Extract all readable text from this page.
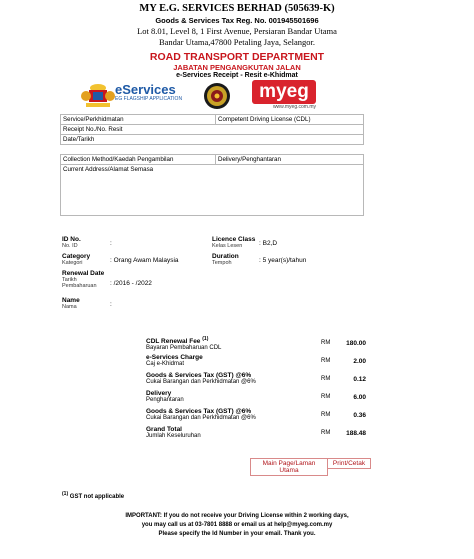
MY E.G. SERVICES BERHAD (505639-K)
Goods & Services Tax Reg. No. 001945501696
Lot 8.01, Level 8, 1 First Avenue, Persiaran Bandar Utama
Bandar Utama,47800 Petaling Jaya, Selangor.
ROAD TRANSPORT DEPARTMENT
JABATAN PENGANGKUTAN JALAN
e-Services Receipt - Resit e-Khidmat
eServices
EG FLAGSHIP APPLICATION	myeg
www.myeg.com.my
Service/Perkhidmatan	Competent Driving License (CDL)
Receipt No./No. Resit
Date/Tarikh
Collection Method/Kaedah Pengambilan	Delivery/Penghantaran
Current Address/Alamat Semasa
ID No.
No. ID	:
Licence Class
Kelas Lesen	: B2,D
Category
Kategori	: Orang Awam Malaysia
Duration
Tempoh	: 5 year(s)/tahun
Renewal Date
Tarikh Pembaharuan	: /2016 - /2022
Name
Nama	:
CDL Renewal Fee $^{(1)}$
Bayaran Pembaharuan CDL
RM 180.00
e-Services Charge
Caj e-Khidmat	RM	2.00
Goods & Services Tax (GST) @6%
Cukai Barangan dan Perkhidmatan @6%	RM	0.12
Delivery
Penghantaran	RM	6.00
Goods & Services Tax (GST) @6%
Cukai Barangan dan Perkhidmatan @6%	RM	0.36
Grand Total
Jumlah Keseluruhan	RM 188.48
Main Page/Laman Utama
Print/Cetak
$^{(1)}$ GST not applicable
IMPORTANT: If you do not receive your Driving License within 2 working days,
you may call us at 03-7801 8888 or email us at help@myeg.com.my
Please specify the Id Number in your email. Thank you.
